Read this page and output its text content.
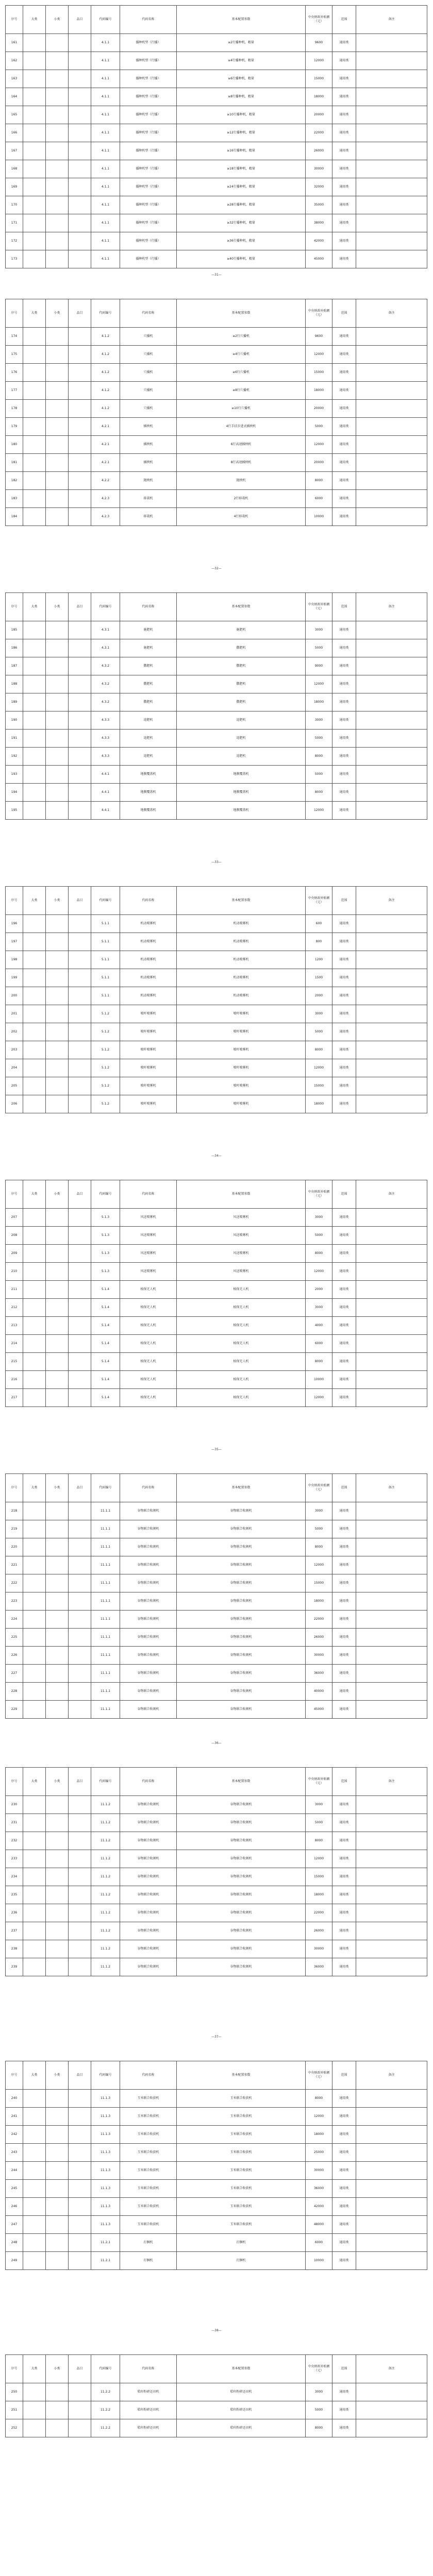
序号	大类	小类	品目	代码编号	代码名称	基本配置参数	中央财政补贴额（元）	范围	备注
161				4.1.1	播种机型（行播）	≥2行播种机，精量	9600	通用类	
162				4.1.1	播种机型（行播）	≥4行播种机，精量	12000	通用类	
163				4.1.1	播种机型（行播）	≥6行播种机，精量	15000	通用类	
164				4.1.1	播种机型（行播）	≥8行播种机，精量	18000	通用类	
165				4.1.1	播种机型（行播）	≥10行播种机，精量	20000	通用类	
166				4.1.1	播种机型（行播）	≥12行播种机，精量	22000	通用类	
167				4.1.1	播种机型（行播）	≥16行播种机，精量	26000	通用类	
168				4.1.1	播种机型（行播）	≥18行播种机，精量	30000	通用类	
169				4.1.1	播种机型（行播）	≥24行播种机，精量	32000	通用类	
170				4.1.1	播种机型（行播）	≥28行播种机，精量	35000	通用类	
171				4.1.1	播种机型（行播）	≥32行播种机，精量	38000	通用类	
172				4.1.1	播种机型（行播）	≥36行播种机，精量	42000	通用类	
173				4.1.1	播种机型（行播）	≥40行播种机，精量	45000	通用类	
—31—
序号	大类	小类	品目	代码编号	代码名称	基本配置参数	中央财政补贴额（元）	范围	备注
174				4.1.2	穴播机	≥2行穴播机	9600	通用类	
175				4.1.2	穴播机	≥4行穴播机	12000	通用类	
176				4.1.2	穴播机	≥6行穴播机	15000	通用类	
177				4.1.2	穴播机	≥8行穴播机	18000	通用类	
178				4.1.2	穴播机	≥10行穴播机	20000	通用类	
179				4.2.1	插秧机	4行手扶步进式插秧机	5000	通用类	
180				4.2.1	插秧机	6行高速插秧机	12000	通用类	
181				4.2.1	插秧机	8行高速插秧机	20000	通用类	
182				4.2.2	抛秧机	抛秧机	8000	通用类	
183				4.2.3	移栽机	2行移栽机	6000	通用类	
184				4.2.3	移栽机	4行移栽机	10000	通用类	
—32—
序号	大类	小类	品目	代码编号	代码名称	基本配置参数	中央财政补贴额（元）	范围	备注
185				4.3.1	施肥机	施肥机	3000	通用类	
186				4.3.1	施肥机	撒肥机	5000	通用类	
187				4.3.2	撒肥机	撒肥机	9000	通用类	
188				4.3.2	撒肥机	撒肥机	12000	通用类	
189				4.3.2	撒肥机	撒肥机	18000	通用类	
190				4.3.3	追肥机	追肥机	3000	通用类	
191				4.3.3	追肥机	追肥机	5000	通用类	
192				4.3.3	追肥机	追肥机	8000	通用类	
193				4.4.1	地膜覆盖机	地膜覆盖机	5000	通用类	
194				4.4.1	地膜覆盖机	地膜覆盖机	8000	通用类	
195				4.4.1	地膜覆盖机	地膜覆盖机	12000	通用类	
—33—
序号	大类	小类	品目	代码编号	代码名称	基本配置参数	中央财政补贴额（元）	范围	备注
196				5.1.1	机动喷雾机	机动喷雾机	600	通用类	
197				5.1.1	机动喷雾机	机动喷雾机	800	通用类	
198				5.1.1	机动喷雾机	机动喷雾机	1200	通用类	
199				5.1.1	机动喷雾机	机动喷雾机	1500	通用类	
200				5.1.1	机动喷雾机	机动喷雾机	2000	通用类	
201				5.1.2	喷杆喷雾机	喷杆喷雾机	3000	通用类	
202				5.1.2	喷杆喷雾机	喷杆喷雾机	5000	通用类	
203				5.1.2	喷杆喷雾机	喷杆喷雾机	8000	通用类	
204				5.1.2	喷杆喷雾机	喷杆喷雾机	12000	通用类	
205				5.1.2	喷杆喷雾机	喷杆喷雾机	15000	通用类	
206				5.1.2	喷杆喷雾机	喷杆喷雾机	18000	通用类	
—34—
序号	大类	小类	品目	代码编号	代码名称	基本配置参数	中央财政补贴额（元）	范围	备注
207				5.1.3	风送喷雾机	风送喷雾机	3000	通用类	
208				5.1.3	风送喷雾机	风送喷雾机	5000	通用类	
209				5.1.3	风送喷雾机	风送喷雾机	8000	通用类	
210				5.1.3	风送喷雾机	风送喷雾机	12000	通用类	
211				5.1.4	植保无人机	植保无人机	2000	通用类	
212				5.1.4	植保无人机	植保无人机	3000	通用类	
213				5.1.4	植保无人机	植保无人机	4000	通用类	
214				5.1.4	植保无人机	植保无人机	6000	通用类	
215				5.1.4	植保无人机	植保无人机	8000	通用类	
216				5.1.4	植保无人机	植保无人机	10000	通用类	
217				5.1.4	植保无人机	植保无人机	12000	通用类	
—35—
序号	大类	小类	品目	代码编号	代码名称	基本配置参数	中央财政补贴额（元）	范围	备注
218				11.1.1	谷物联合收割机	谷物联合收割机	3000	通用类	
219				11.1.1	谷物联合收割机	谷物联合收割机	5000	通用类	
220				11.1.1	谷物联合收割机	谷物联合收割机	8000	通用类	
221				11.1.1	谷物联合收割机	谷物联合收割机	12000	通用类	
222				11.1.1	谷物联合收割机	谷物联合收割机	15000	通用类	
223				11.1.1	谷物联合收割机	谷物联合收割机	18000	通用类	
224				11.1.1	谷物联合收割机	谷物联合收割机	22000	通用类	
225				11.1.1	谷物联合收割机	谷物联合收割机	26000	通用类	
226				11.1.1	谷物联合收割机	谷物联合收割机	30000	通用类	
227				11.1.1	谷物联合收割机	谷物联合收割机	36000	通用类	
228				11.1.1	谷物联合收割机	谷物联合收割机	40000	通用类	
229				11.1.1	谷物联合收割机	谷物联合收割机	45000	通用类	
—36—
序号	大类	小类	品目	代码编号	代码名称	基本配置参数	中央财政补贴额（元）	范围	备注
230				11.1.2	谷物联合收割机	谷物联合收割机	3000	通用类	
231				11.1.2	谷物联合收割机	谷物联合收割机	5000	通用类	
232				11.1.2	谷物联合收割机	谷物联合收割机	8000	通用类	
233				11.1.2	谷物联合收割机	谷物联合收割机	12000	通用类	
234				11.1.2	谷物联合收割机	谷物联合收割机	15000	通用类	
235				11.1.2	谷物联合收割机	谷物联合收割机	18000	通用类	
236				11.1.2	谷物联合收割机	谷物联合收割机	22000	通用类	
237				11.1.2	谷物联合收割机	谷物联合收割机	26000	通用类	
238				11.1.2	谷物联合收割机	谷物联合收割机	30000	通用类	
239				11.1.2	谷物联合收割机	谷物联合收割机	36000	通用类	
—37—
序号	大类	小类	品目	代码编号	代码名称	基本配置参数	中央财政补贴额（元）	范围	备注
240				11.1.3	玉米联合收获机	玉米联合收获机	8000	通用类	
241				11.1.3	玉米联合收获机	玉米联合收获机	12000	通用类	
242				11.1.3	玉米联合收获机	玉米联合收获机	18000	通用类	
243				11.1.3	玉米联合收获机	玉米联合收获机	25000	通用类	
244				11.1.3	玉米联合收获机	玉米联合收获机	30000	通用类	
245				11.1.3	玉米联合收获机	玉米联合收获机	36000	通用类	
246				11.1.3	玉米联合收获机	玉米联合收获机	42000	通用类	
247				11.1.3	玉米联合收获机	玉米联合收获机	48000	通用类	
248				11.2.1	打捆机	打捆机	6000	通用类	
249				11.2.1	打捆机	打捆机	10000	通用类	
—38—
序号	大类	小类	品目	代码编号	代码名称	基本配置参数	中央财政补贴额（元）	范围	备注
250				11.2.2	秸秆粉碎还田机	秸秆粉碎还田机	3000	通用类	
251				11.2.2	秸秆粉碎还田机	秸秆粉碎还田机	5000	通用类	
252				11.2.2	秸秆粉碎还田机	秸秆粉碎还田机	8000	通用类	
